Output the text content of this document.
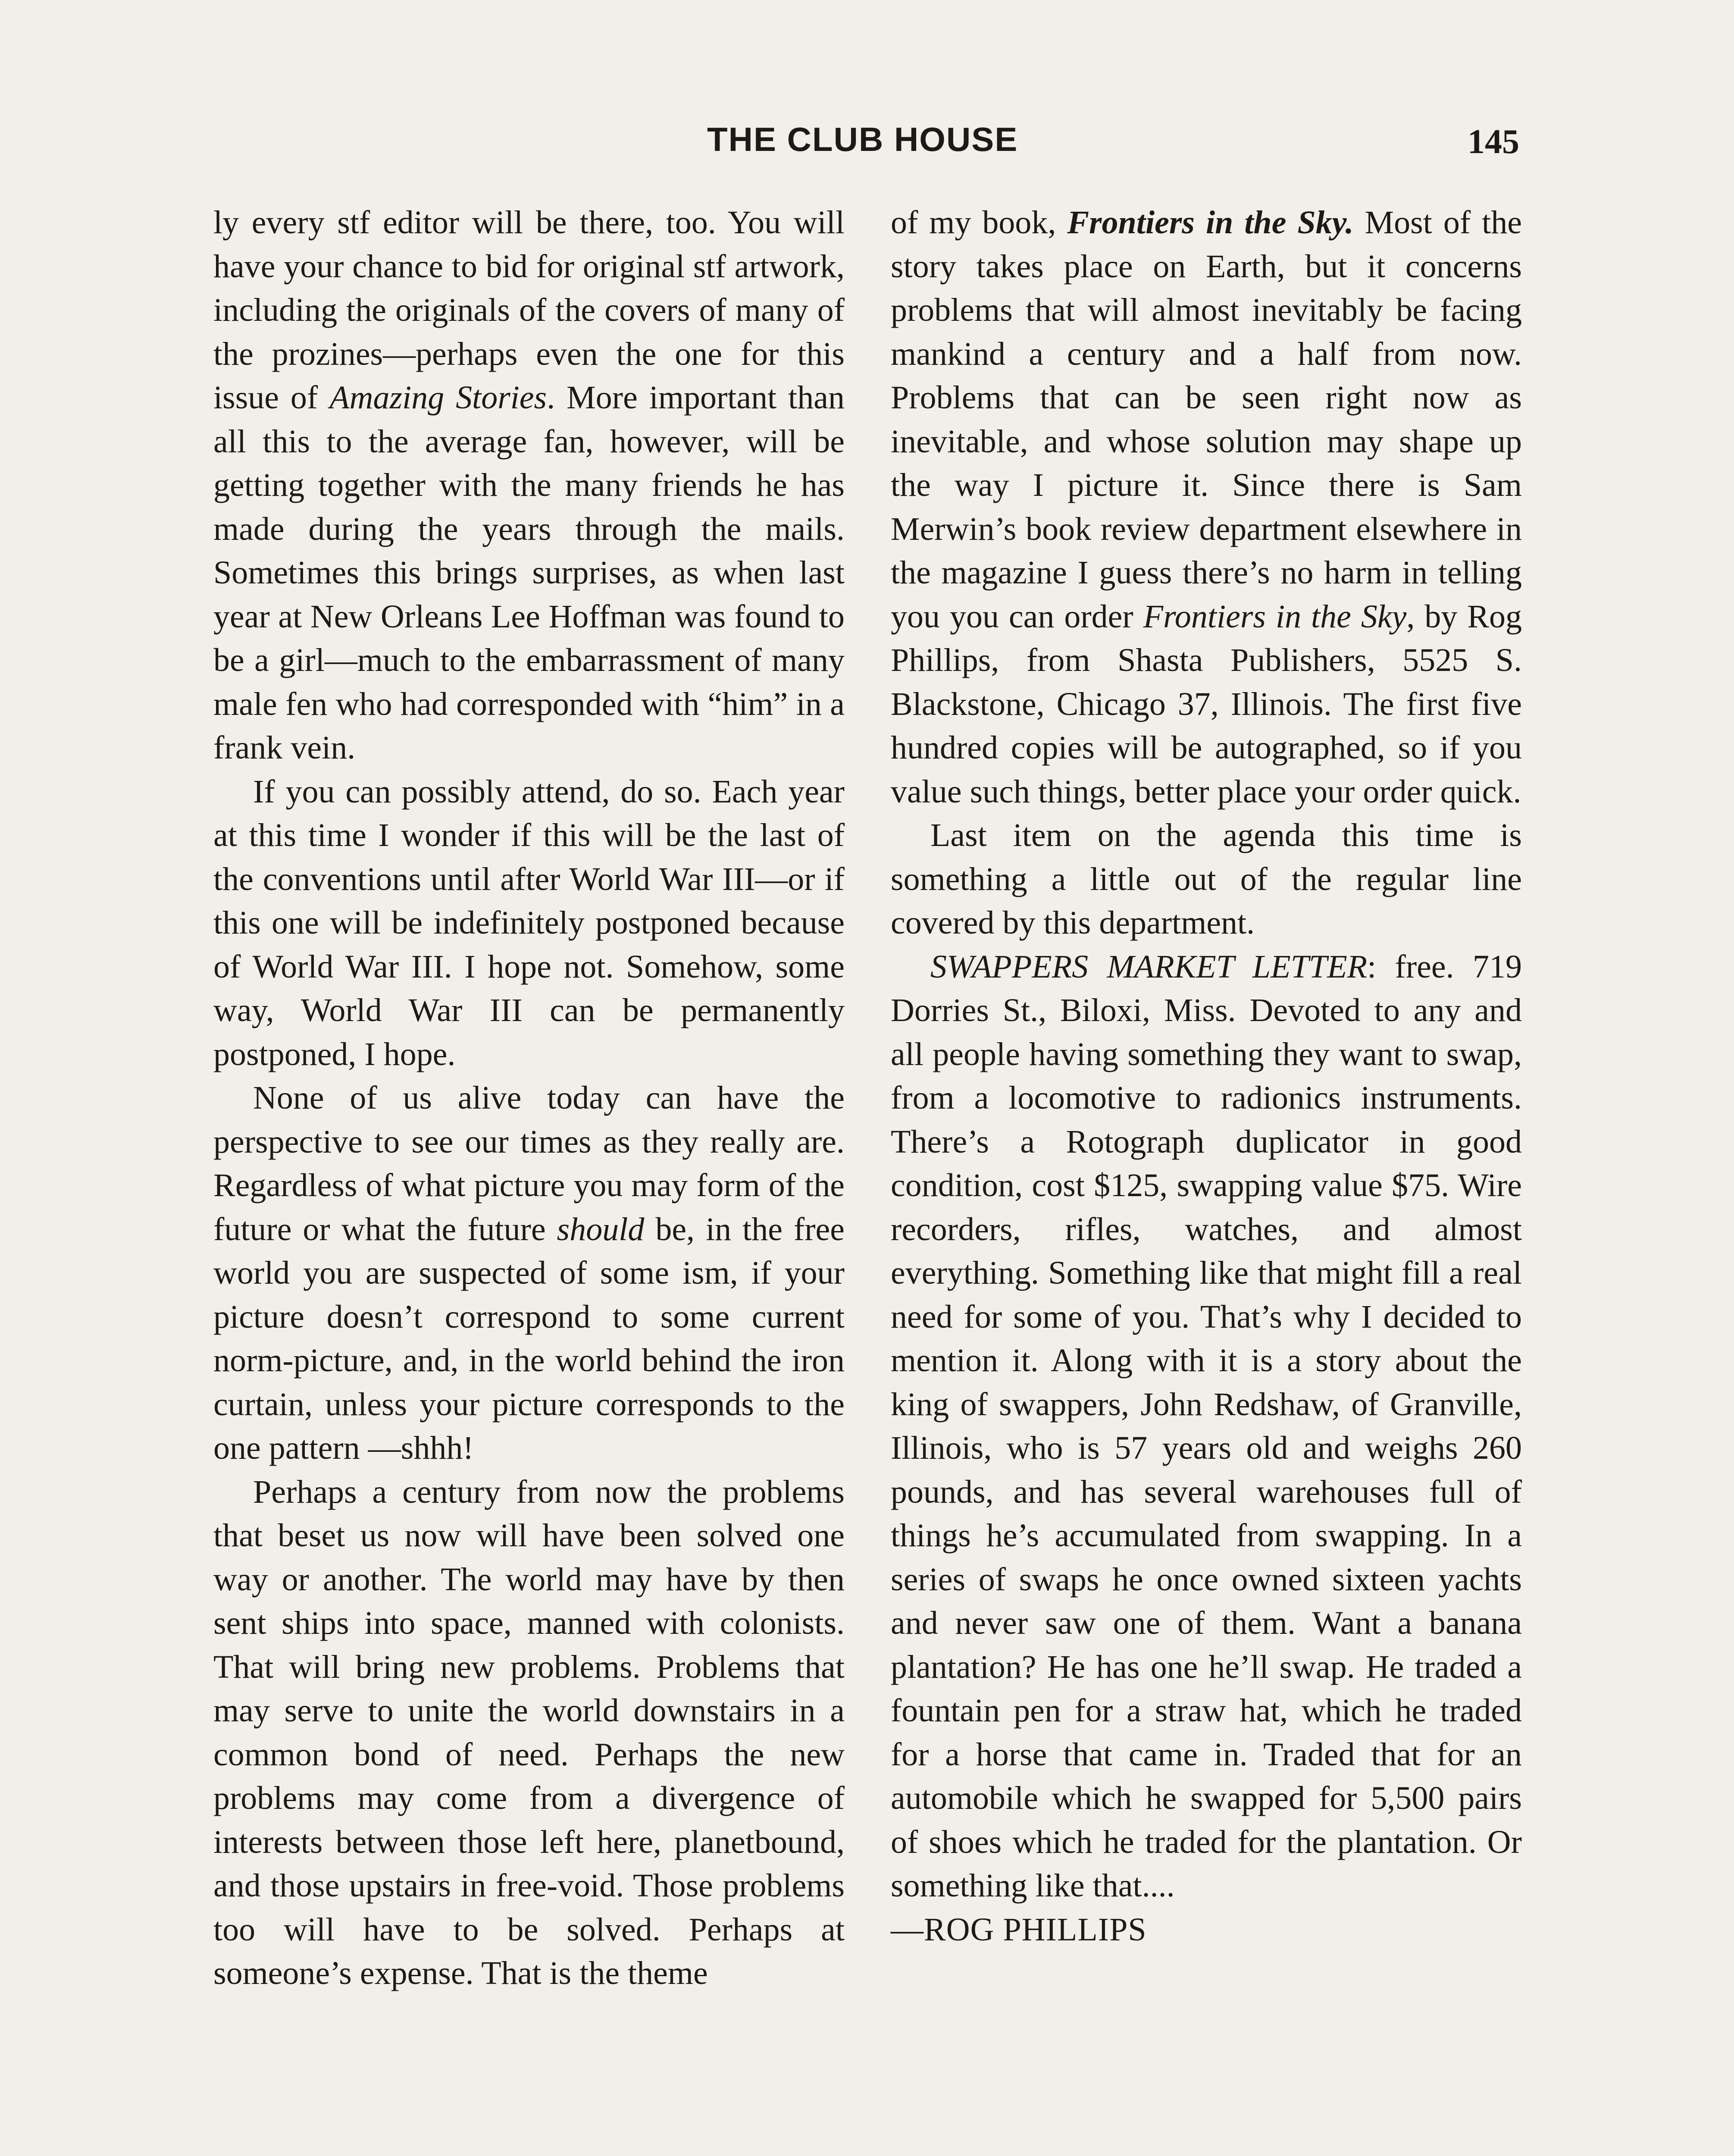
THE CLUB HOUSE	145

ly every stf editor will be there, too. You will have your chance to bid for original stf artwork, including the originals of the covers of many of the prozines—perhaps even the one for this issue of Amazing Stories. More important than all this to the average fan, however, will be getting together with the many friends he has made during the years through the mails. Sometimes this brings surprises, as when last year at New Orleans Lee Hoffman was found to be a girl—much to the embarrassment of many male fen who had corresponded with “him” in a frank vein.

If you can possibly attend, do so. Each year at this time I wonder if this will be the last of the conventions until after World War III—or if this one will be indefinitely postponed because of World War III. I hope not. Somehow, some way, World War III can be permanently postponed, I hope.

None of us alive today can have the perspective to see our times as they really are. Regardless of what picture you may form of the future or what the future should be, in the free world you are suspected of some ism, if your picture doesn’t correspond to some current norm-picture, and, in the world behind the iron curtain, unless your picture corresponds to the one pattern —shhh!

Perhaps a century from now the problems that beset us now will have been solved one way or another. The world may have by then sent ships into space, manned with colonists. That will bring new problems. Problems that may serve to unite the world downstairs in a common bond of need. Perhaps the new problems may come from a divergence of interests between those left here, planetbound, and those upstairs in free-void. Those problems too will have to be solved. Perhaps at someone’s expense. That is the theme

of my book, Frontiers in the Sky. Most of the story takes place on Earth, but it concerns problems that will almost inevitably be facing mankind a century and a half from now. Problems that can be seen right now as inevitable, and whose solution may shape up the way I picture it. Since there is Sam Merwin’s book review department elsewhere in the magazine I guess there’s no harm in telling you you can order Frontiers in the Sky, by Rog Phillips, from Shasta Publishers, 5525 S. Blackstone, Chicago 37, Illinois. The first five hundred copies will be autographed, so if you value such things, better place your order quick.

Last item on the agenda this time is something a little out of the regular line covered by this department.

SWAPPERS MARKET LETTER: free. 719 Dorries St., Biloxi, Miss. Devoted to any and all people having something they want to swap, from a locomotive to radionics instruments. There’s a Rotograph duplicator in good condition, cost $125, swapping value $75. Wire recorders, rifles, watches, and almost everything. Something like that might fill a real need for some of you. That’s why I decided to mention it. Along with it is a story about the king of swappers, John Redshaw, of Granville, Illinois, who is 57 years old and weighs 260 pounds, and has several warehouses full of things he’s accumulated from swapping. In a series of swaps he once owned sixteen yachts and never saw one of them. Want a banana plantation? He has one he’ll swap. He traded a fountain pen for a straw hat, which he traded for a horse that came in. Traded that for an automobile which he swapped for 5,500 pairs of shoes which he traded for the plantation. Or something like that....

—ROG PHILLIPS
